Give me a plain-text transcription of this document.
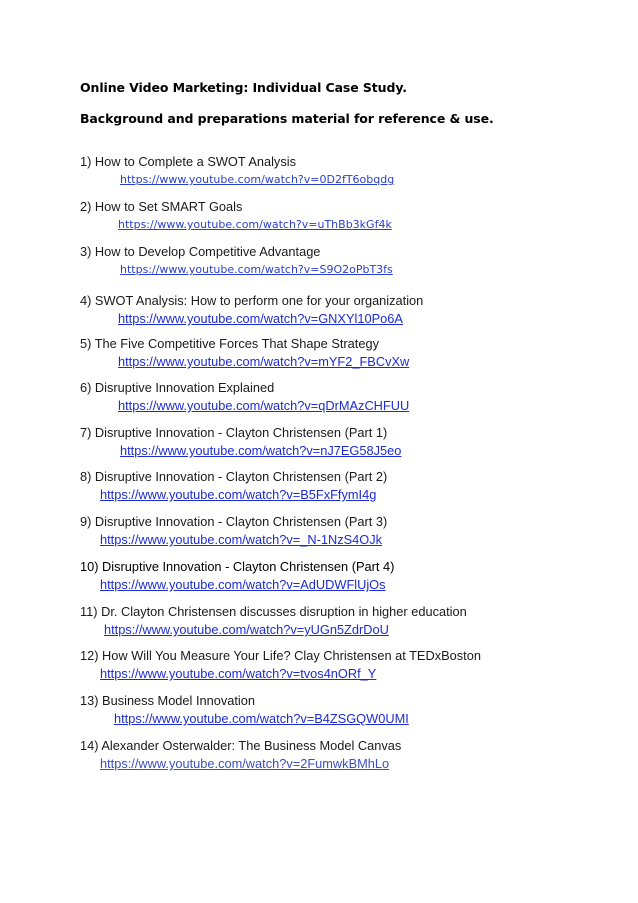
Online Video Marketing: Individual Case Study.
Background and preparations material for reference & use.
1) How to Complete a SWOT Analysis
https://www.youtube.com/watch?v=0D2fT6obqdg
2) How to Set SMART Goals
https://www.youtube.com/watch?v=uThBb3kGf4k
3) How to Develop Competitive Advantage
https://www.youtube.com/watch?v=S9O2oPbT3fs
4) SWOT Analysis: How to perform one for your organization
https://www.youtube.com/watch?v=GNXYl10Po6A
5) The Five Competitive Forces That Shape Strategy
https://www.youtube.com/watch?v=mYF2_FBCvXw
6) Disruptive Innovation Explained
https://www.youtube.com/watch?v=qDrMAzCHFUU
7) Disruptive Innovation - Clayton Christensen (Part 1)
https://www.youtube.com/watch?v=nJ7EG58J5eo
8) Disruptive Innovation - Clayton Christensen (Part 2)
https://www.youtube.com/watch?v=B5FxFfymI4g
9) Disruptive Innovation - Clayton Christensen (Part 3)
https://www.youtube.com/watch?v=_N-1NzS4OJk
10) Disruptive Innovation - Clayton Christensen (Part 4)
https://www.youtube.com/watch?v=AdUDWFlUjOs
11) Dr. Clayton Christensen discusses disruption in higher education
https://www.youtube.com/watch?v=yUGn5ZdrDoU
12) How Will You Measure Your Life? Clay Christensen at TEDxBoston
https://www.youtube.com/watch?v=tvos4nORf_Y
13) Business Model Innovation
https://www.youtube.com/watch?v=B4ZSGQW0UMI
14) Alexander Osterwalder: The Business Model Canvas
https://www.youtube.com/watch?v=2FumwkBMhLo
